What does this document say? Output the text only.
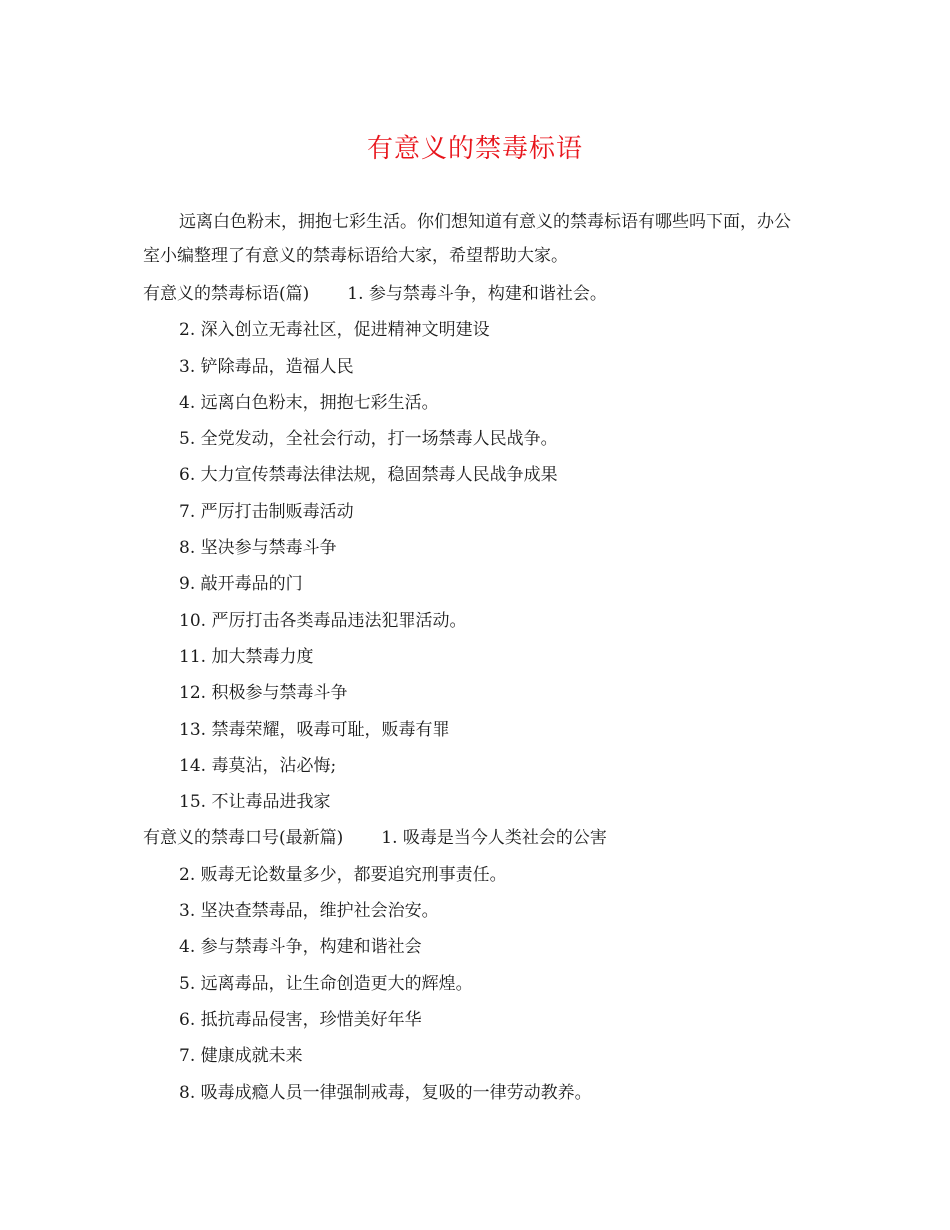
有意义的禁毒标语
远离白色粉末，拥抱七彩生活。你们想知道有意义的禁毒标语有哪些吗下面，办公室小编整理了有意义的禁毒标语给大家，希望帮助大家。
有意义的禁毒标语(篇) 1. 参与禁毒斗争，构建和谐社会。
2. 深入创立无毒社区，促进精神文明建设
3. 铲除毒品，造福人民
4. 远离白色粉末，拥抱七彩生活。
5. 全党发动，全社会行动，打一场禁毒人民战争。
6. 大力宣传禁毒法律法规，稳固禁毒人民战争成果
7. 严厉打击制贩毒活动
8. 坚决参与禁毒斗争
9. 敲开毒品的门
10. 严厉打击各类毒品违法犯罪活动。
11. 加大禁毒力度
12. 积极参与禁毒斗争
13. 禁毒荣耀，吸毒可耻，贩毒有罪
14. 毒莫沾，沾必悔;
15. 不让毒品进我家
有意义的禁毒口号(最新篇) 1. 吸毒是当今人类社会的公害
2. 贩毒无论数量多少，都要追究刑事责任。
3. 坚决查禁毒品，维护社会治安。
4. 参与禁毒斗争，构建和谐社会
5. 远离毒品，让生命创造更大的辉煌。
6. 抵抗毒品侵害，珍惜美好年华
7. 健康成就未来
8. 吸毒成瘾人员一律强制戒毒，复吸的一律劳动教养。
